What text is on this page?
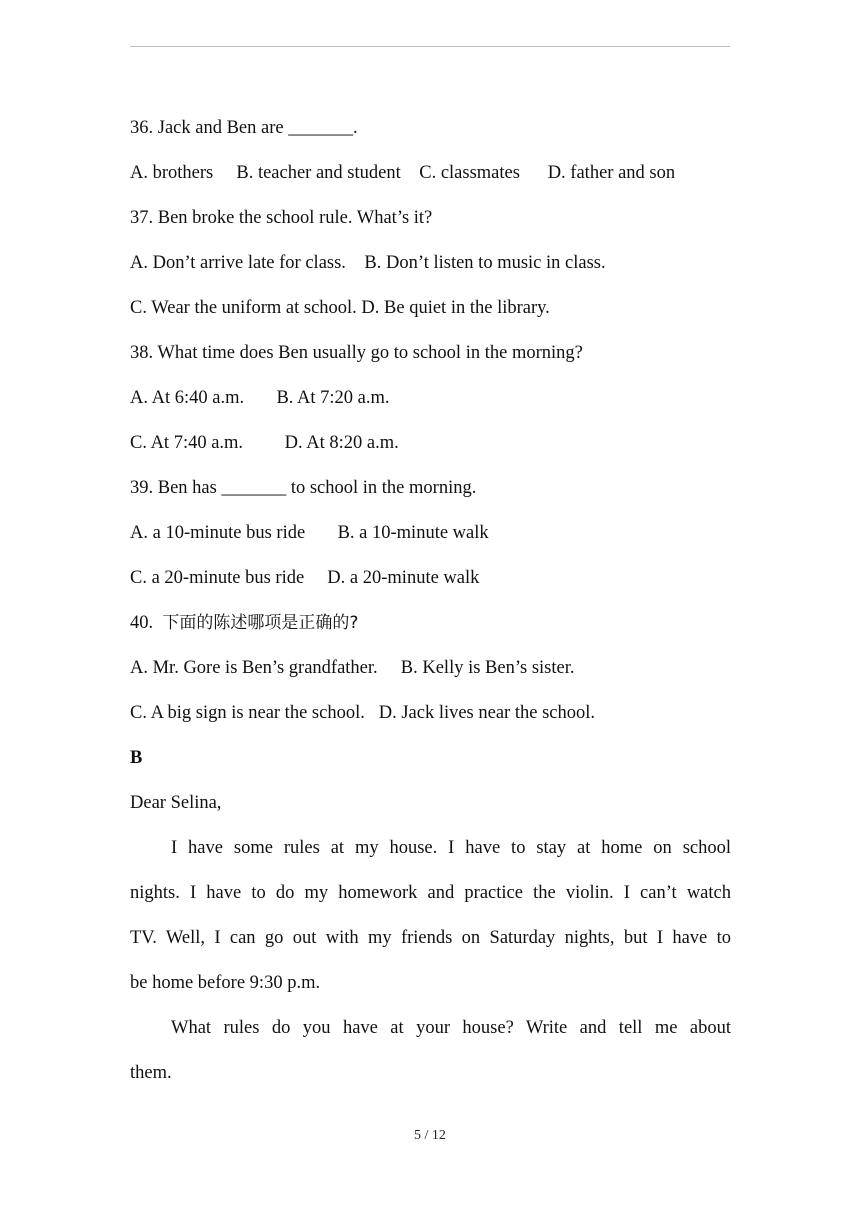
36. Jack and Ben are _______.
A. brothers     B. teacher and student    C. classmates      D. father and son
37. Ben broke the school rule. What’s it?
A. Don’t arrive late for class.    B. Don’t listen to music in class.
C. Wear the uniform at school. D. Be quiet in the library.
38. What time does Ben usually go to school in the morning?
A. At 6:40 a.m.       B. At 7:20 a.m.
C. At 7:40 a.m.         D. At 8:20 a.m.
39. Ben has _______ to school in the morning.
A. a 10‑minute bus ride       B. a 10‑minute walk
C. a 20‑minute bus ride     D. a 20‑minute walk
40. 下面的陈述哪项是正确的?
A. Mr. Gore is Ben’s grandfather.     B. Kelly is Ben’s sister.
C. A big sign is near the school.   D. Jack lives near the school.
B
Dear Selina,
I have some rules at my house. I have to stay at home on school
nights. I have to do my homework and practice the violin. I can’t watch
TV. Well, I can go out with my friends on Saturday nights, but I have to
be home before 9:30 p.m.
What rules do you have at your house? Write and tell me about
them.
5 / 12
